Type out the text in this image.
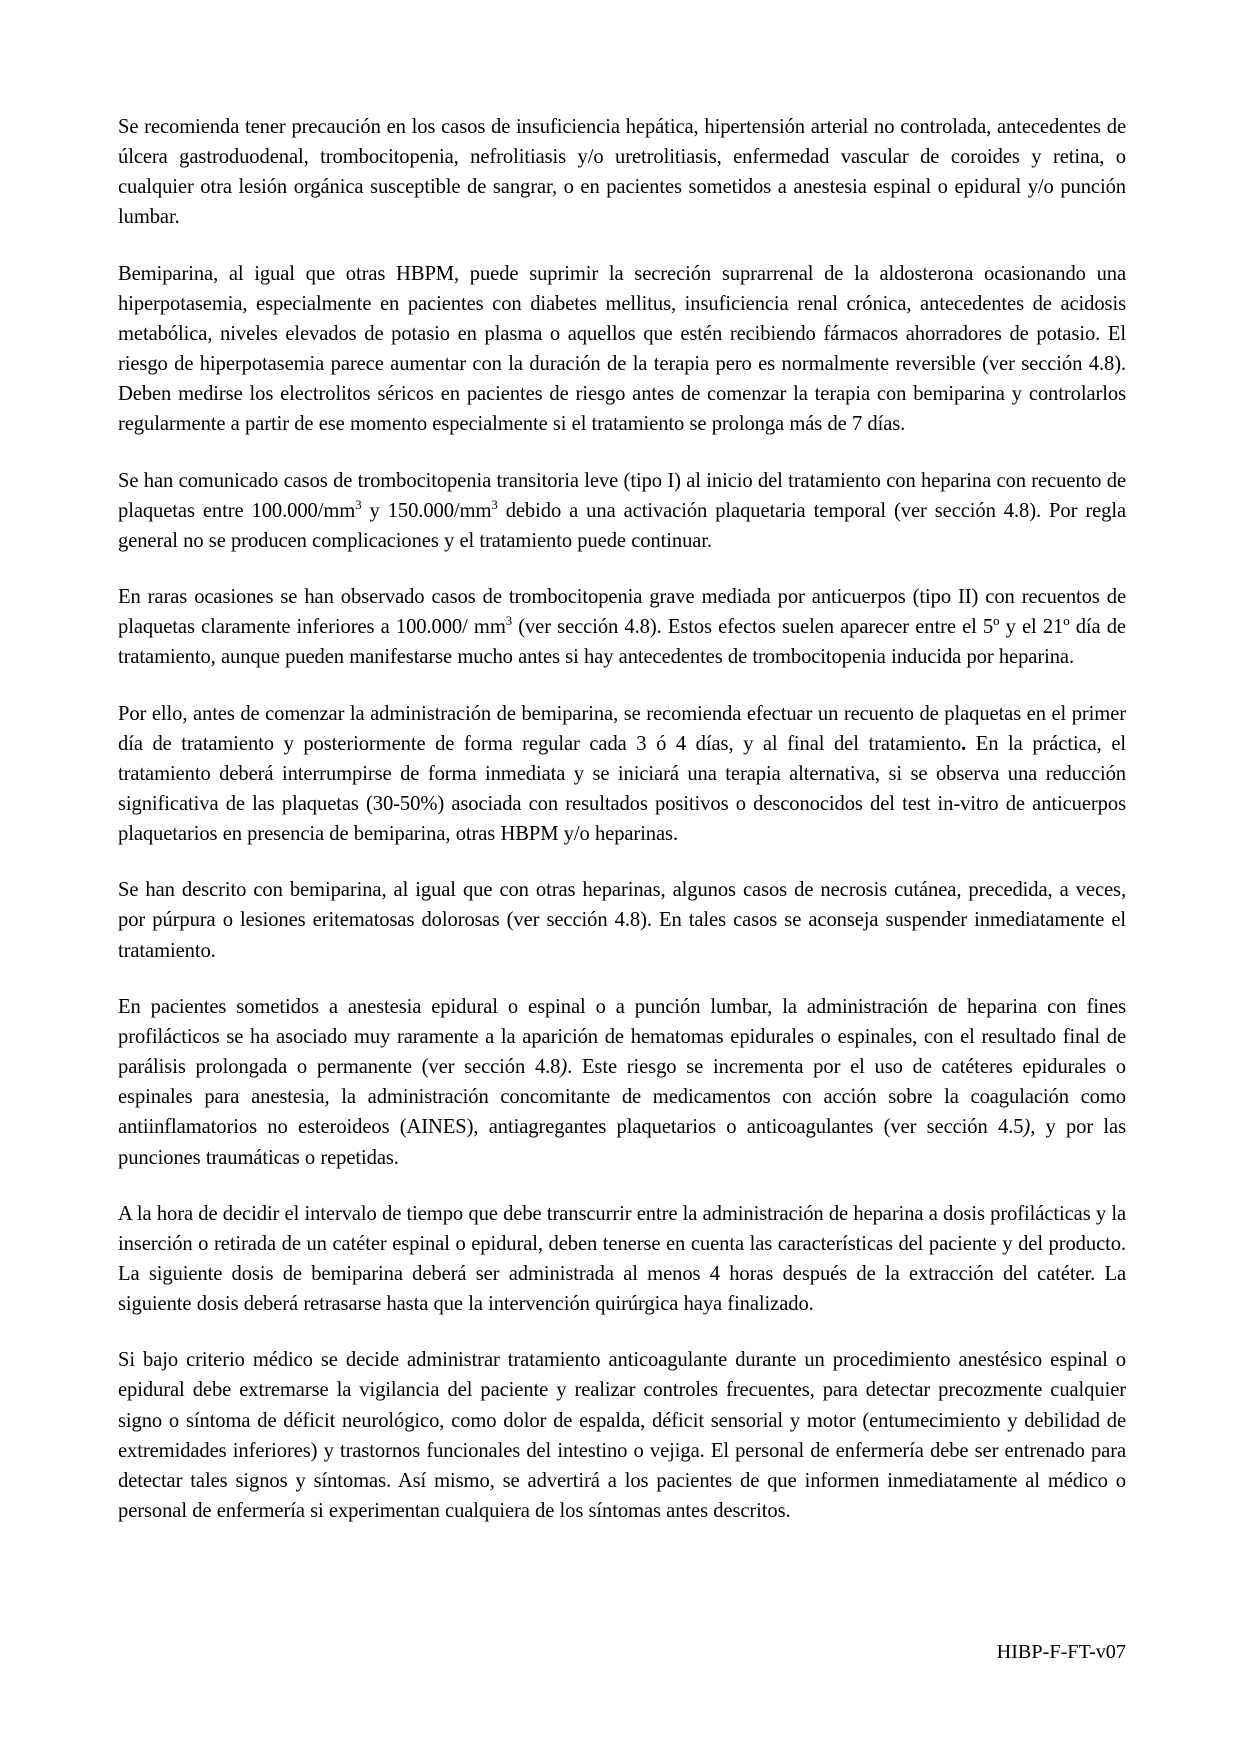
Se recomienda tener precaución en los casos de insuficiencia hepática, hipertensión arterial no controlada, antecedentes de úlcera gastroduodenal, trombocitopenia, nefrolitiasis y/o uretrolitiasis, enfermedad vascular de coroides y retina, o cualquier otra lesión orgánica susceptible de sangrar, o en pacientes sometidos a anestesia espinal o epidural y/o punción lumbar.

Bemiparina, al igual que otras HBPM, puede suprimir la secreción suprarrenal de la aldosterona ocasionando una hiperpotasemia, especialmente en pacientes con diabetes mellitus, insuficiencia renal crónica, antecedentes de acidosis metabólica, niveles elevados de potasio en plasma o aquellos que estén recibiendo fármacos ahorradores de potasio. El riesgo de hiperpotasemia parece aumentar con la duración de la terapia pero es normalmente reversible (ver sección 4.8). Deben medirse los electrolitos séricos en pacientes de riesgo antes de comenzar la terapia con bemiparina y controlarlos regularmente a partir de ese momento especialmente si el tratamiento se prolonga más de 7 días.

Se han comunicado casos de trombocitopenia transitoria leve (tipo I) al inicio del tratamiento con heparina con recuento de plaquetas entre $100.000/mm^3$ y $150.000/mm^3$ debido a una activación plaquetaria temporal (ver sección 4.8). Por regla general no se producen complicaciones y el tratamiento puede continuar.

En raras ocasiones se han observado casos de trombocitopenia grave mediada por anticuerpos (tipo II) con recuentos de plaquetas claramente inferiores a 100.000/ $mm^3$ (ver sección 4.8). Estos efectos suelen aparecer entre el 5º y el 21º día de tratamiento, aunque pueden manifestarse mucho antes si hay antecedentes de trombocitopenia inducida por heparina.

Por ello, antes de comenzar la administración de bemiparina, se recomienda efectuar un recuento de plaquetas en el primer día de tratamiento y posteriormente de forma regular cada 3 ó 4 días, y al final del tratamiento. En la práctica, el tratamiento deberá interrumpirse de forma inmediata y se iniciará una terapia alternativa, si se observa una reducción significativa de las plaquetas (30-50%) asociada con resultados positivos o desconocidos del test in-vitro de anticuerpos plaquetarios en presencia de bemiparina, otras HBPM y/o heparinas.

Se han descrito con bemiparina, al igual que con otras heparinas, algunos casos de necrosis cutánea, precedida, a veces, por púrpura o lesiones eritematosas dolorosas (ver sección 4.8). En tales casos se aconseja suspender inmediatamente el tratamiento.

En pacientes sometidos a anestesia epidural o espinal o a punción lumbar, la administración de heparina con fines profilácticos se ha asociado muy raramente a la aparición de hematomas epidurales o espinales, con el resultado final de parálisis prolongada o permanente (ver sección 4.8). Este riesgo se incrementa por el uso de catéteres epidurales o espinales para anestesia, la administración concomitante de medicamentos con acción sobre la coagulación como antiinflamatorios no esteroideos (AINES), antiagregantes plaquetarios o anticoagulantes (ver sección 4.5), y por las punciones traumáticas o repetidas.

A la hora de decidir el intervalo de tiempo que debe transcurrir entre la administración de heparina a dosis profilácticas y la inserción o retirada de un catéter espinal o epidural, deben tenerse en cuenta las características del paciente y del producto. La siguiente dosis de bemiparina deberá ser administrada al menos 4 horas después de la extracción del catéter. La siguiente dosis deberá retrasarse hasta que la intervención quirúrgica haya finalizado.

Si bajo criterio médico se decide administrar tratamiento anticoagulante durante un procedimiento anestésico espinal o epidural debe extremarse la vigilancia del paciente y realizar controles frecuentes, para detectar precozmente cualquier signo o síntoma de déficit neurológico, como dolor de espalda, déficit sensorial y motor (entumecimiento y debilidad de extremidades inferiores) y trastornos funcionales del intestino o vejiga. El personal de enfermería debe ser entrenado para detectar tales signos y síntomas. Así mismo, se advertirá a los pacientes de que informen inmediatamente al médico o personal de enfermería si experimentan cualquiera de los síntomas antes descritos.

HIBP-F-FT-v07
